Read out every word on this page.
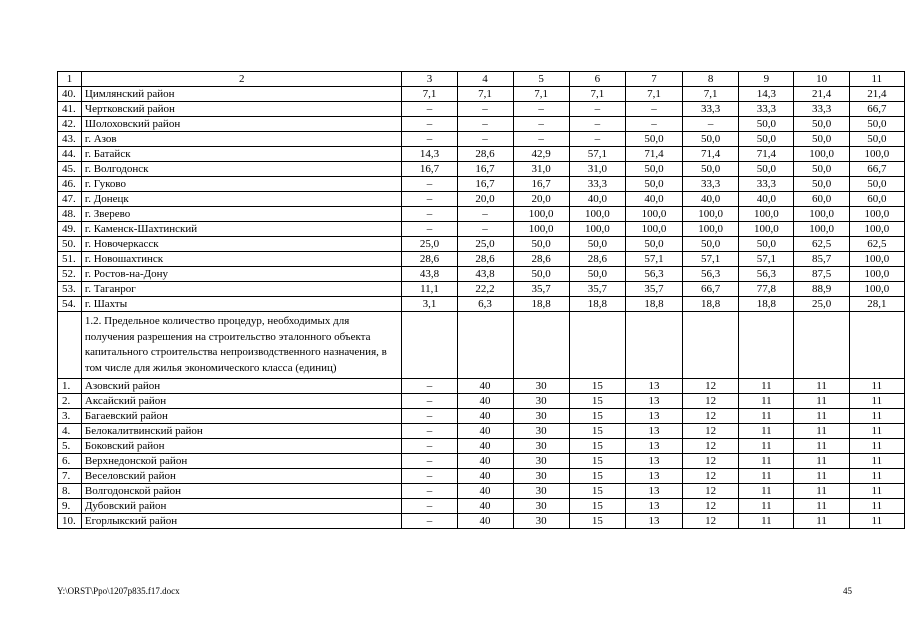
1	2	3	4	5	6	7	8	9	10	11
40.	Цимлянский район	7,1	7,1	7,1	7,1	7,1	7,1	14,3	21,4	21,4
41.	Чертковский район	–	–	–	–	–	33,3	33,3	33,3	66,7
42.	Шолоховский район	–	–	–	–	–	–	50,0	50,0	50,0
43.	г. Азов	–	–	–	–	50,0	50,0	50,0	50,0	50,0
44.	г. Батайск	14,3	28,6	42,9	57,1	71,4	71,4	71,4	100,0	100,0
45.	г. Волгодонск	16,7	16,7	31,0	31,0	50,0	50,0	50,0	50,0	66,7
46.	г. Гуково	–	16,7	16,7	33,3	50,0	33,3	33,3	50,0	50,0
47.	г. Донецк	–	20,0	20,0	40,0	40,0	40,0	40,0	60,0	60,0
48.	г. Зверево	–	–	100,0	100,0	100,0	100,0	100,0	100,0	100,0
49.	г. Каменск-Шахтинский	–	–	100,0	100,0	100,0	100,0	100,0	100,0	100,0
50.	г. Новочеркасск	25,0	25,0	50,0	50,0	50,0	50,0	50,0	62,5	62,5
51.	г. Новошахтинск	28,6	28,6	28,6	28,6	57,1	57,1	57,1	85,7	100,0
52.	г. Ростов-на-Дону	43,8	43,8	50,0	50,0	56,3	56,3	56,3	87,5	100,0
53.	г. Таганрог	11,1	22,2	35,7	35,7	35,7	66,7	77,8	88,9	100,0
54.	г. Шахты	3,1	6,3	18,8	18,8	18,8	18,8	18,8	25,0	28,1
	1.2. Предельное количество процедур, необходимых для получения разрешения на строительство эталонного объекта капитального строительства непроизводственного назначения, в том числе для жилья экономического класса (единиц)									
1.	Азовский район	–	40	30	15	13	12	11	11	11
2.	Аксайский район	–	40	30	15	13	12	11	11	11
3.	Багаевский район	–	40	30	15	13	12	11	11	11
4.	Белокалитвинский район	–	40	30	15	13	12	11	11	11
5.	Боковский район	–	40	30	15	13	12	11	11	11
6.	Верхнедонской район	–	40	30	15	13	12	11	11	11
7.	Веселовский район	–	40	30	15	13	12	11	11	11
8.	Волгодонской район	–	40	30	15	13	12	11	11	11
9.	Дубовский район	–	40	30	15	13	12	11	11	11
10.	Егорлыкский район	–	40	30	15	13	12	11	11	11
Y:\ORST\Ppo\1207p835.f17.docx	45
